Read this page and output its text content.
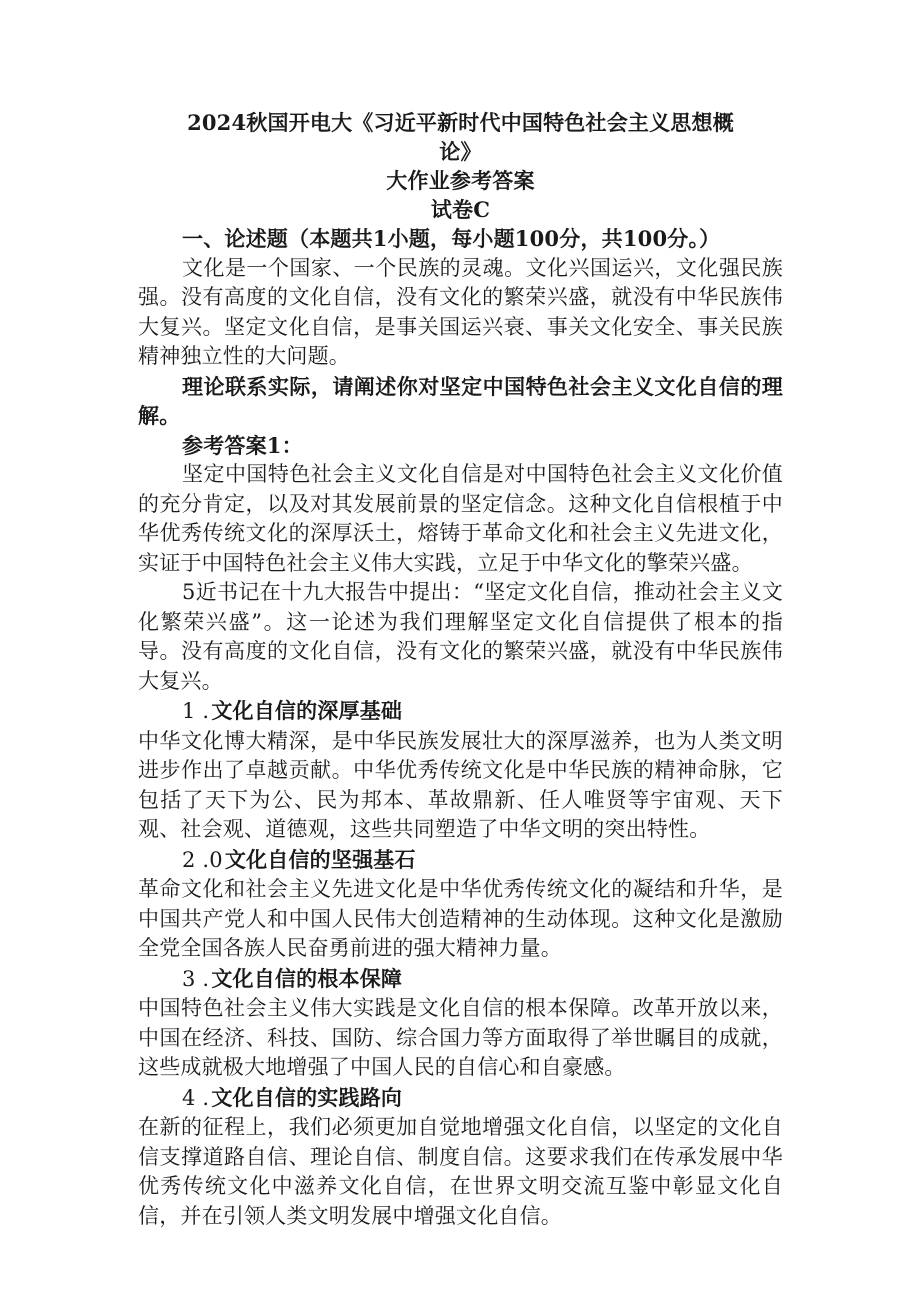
2024秋国开电大《习近平新时代中国特色社会主义思想概

论》

大作业参考答案

试卷C

一、论述题（本题共1小题，每小题100分，共100分。）

文化是一个国家、一个民族的灵魂。文化兴国运兴，文化强民族强。没有高度的文化自信，没有文化的繁荣兴盛，就没有中华民族伟大复兴。坚定文化自信，是事关国运兴衰、事关文化安全、事关民族精神独立性的大问题。

理论联系实际，请阐述你对坚定中国特色社会主义文化自信的理解。

参考答案1：

坚定中国特色社会主义文化自信是对中国特色社会主义文化价值的充分肯定，以及对其发展前景的坚定信念。这种文化自信根植于中华优秀传统文化的深厚沃土，熔铸于革命文化和社会主义先进文化，实证于中国特色社会主义伟大实践，立足于中华文化的擎荣兴盛。

5近书记在十九大报告中提出：“坚定文化自信，推动社会主义文化繁荣兴盛”。这一论述为我们理解坚定文化自信提供了根本的指导。没有高度的文化自信，没有文化的繁荣兴盛，就没有中华民族伟大复兴。

1 .文化自信的深厚基础

中华文化博大精深，是中华民族发展壮大的深厚滋养，也为人类文明进步作出了卓越贡献。中华优秀传统文化是中华民族的精神命脉，它包括了天下为公、民为邦本、革故鼎新、任人唯贤等宇宙观、天下观、社会观、道德观，这些共同塑造了中华文明的突出特性。

2 .0文化自信的坚强基石

革命文化和社会主义先进文化是中华优秀传统文化的凝结和升华，是中国共产党人和中国人民伟大创造精神的生动体现。这种文化是激励全党全国各族人民奋勇前进的强大精神力量。

3 .文化自信的根本保障

中国特色社会主义伟大实践是文化自信的根本保障。改革开放以来，中国在经济、科技、国防、综合国力等方面取得了举世瞩目的成就，这些成就极大地增强了中国人民的自信心和自豪感。

4 .文化自信的实践路向

在新的征程上，我们必须更加自觉地增强文化自信，以坚定的文化自信支撑道路自信、理论自信、制度自信。这要求我们在传承发展中华优秀传统文化中滋养文化自信，在世界文明交流互鉴中彰显文化自信，并在引领人类文明发展中增强文化自信。
